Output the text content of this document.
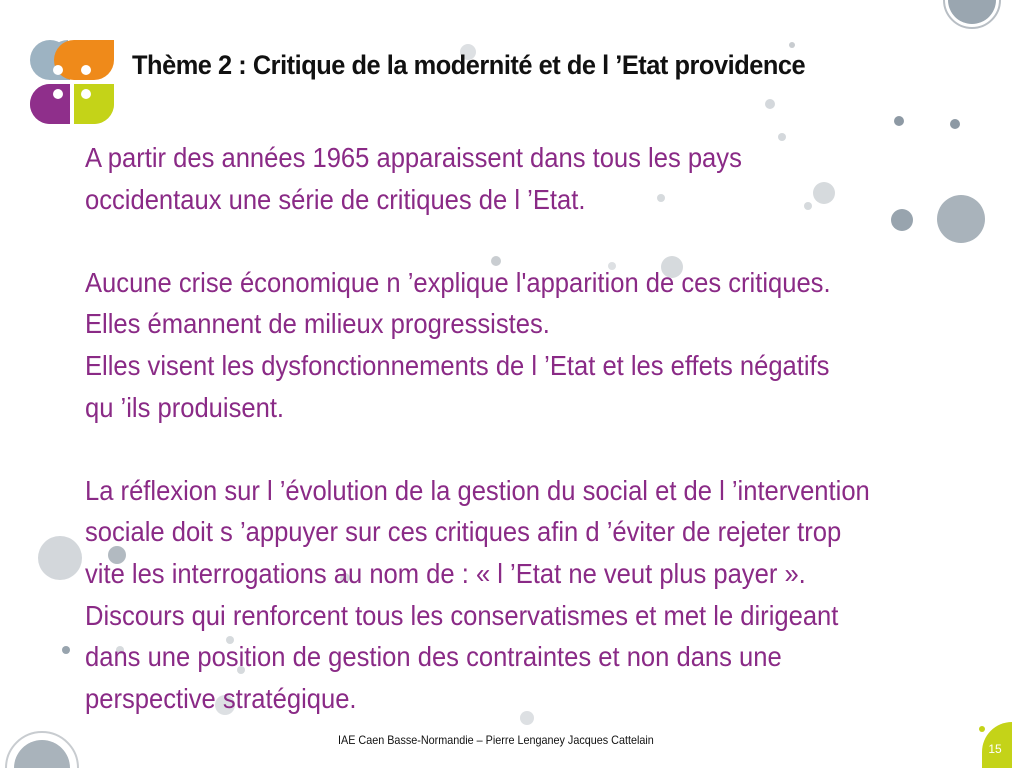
Thème 2 : Critique de la modernité et de l ’Etat providence

A partir des années 1965 apparaissent dans tous les pays

occidentaux une série de critiques de l ’Etat.

Aucune crise économique n ’explique l'apparition de ces critiques.

Elles émannent de milieux progressistes.

Elles visent les dysfonctionnements de l ’Etat et les effets négatifs

qu ’ils produisent.

La réflexion sur l ’évolution de la gestion du social et de l ’intervention

sociale doit s ’appuyer sur ces critiques afin d ’éviter de rejeter trop

vite les interrogations au nom de : « l ’Etat ne veut plus payer ».

Discours qui renforcent tous les conservatismes et met le dirigeant

dans une position de gestion des contraintes et non dans une

perspective stratégique.

IAE Caen Basse-Normandie – Pierre Lenganey Jacques Cattelain
15
